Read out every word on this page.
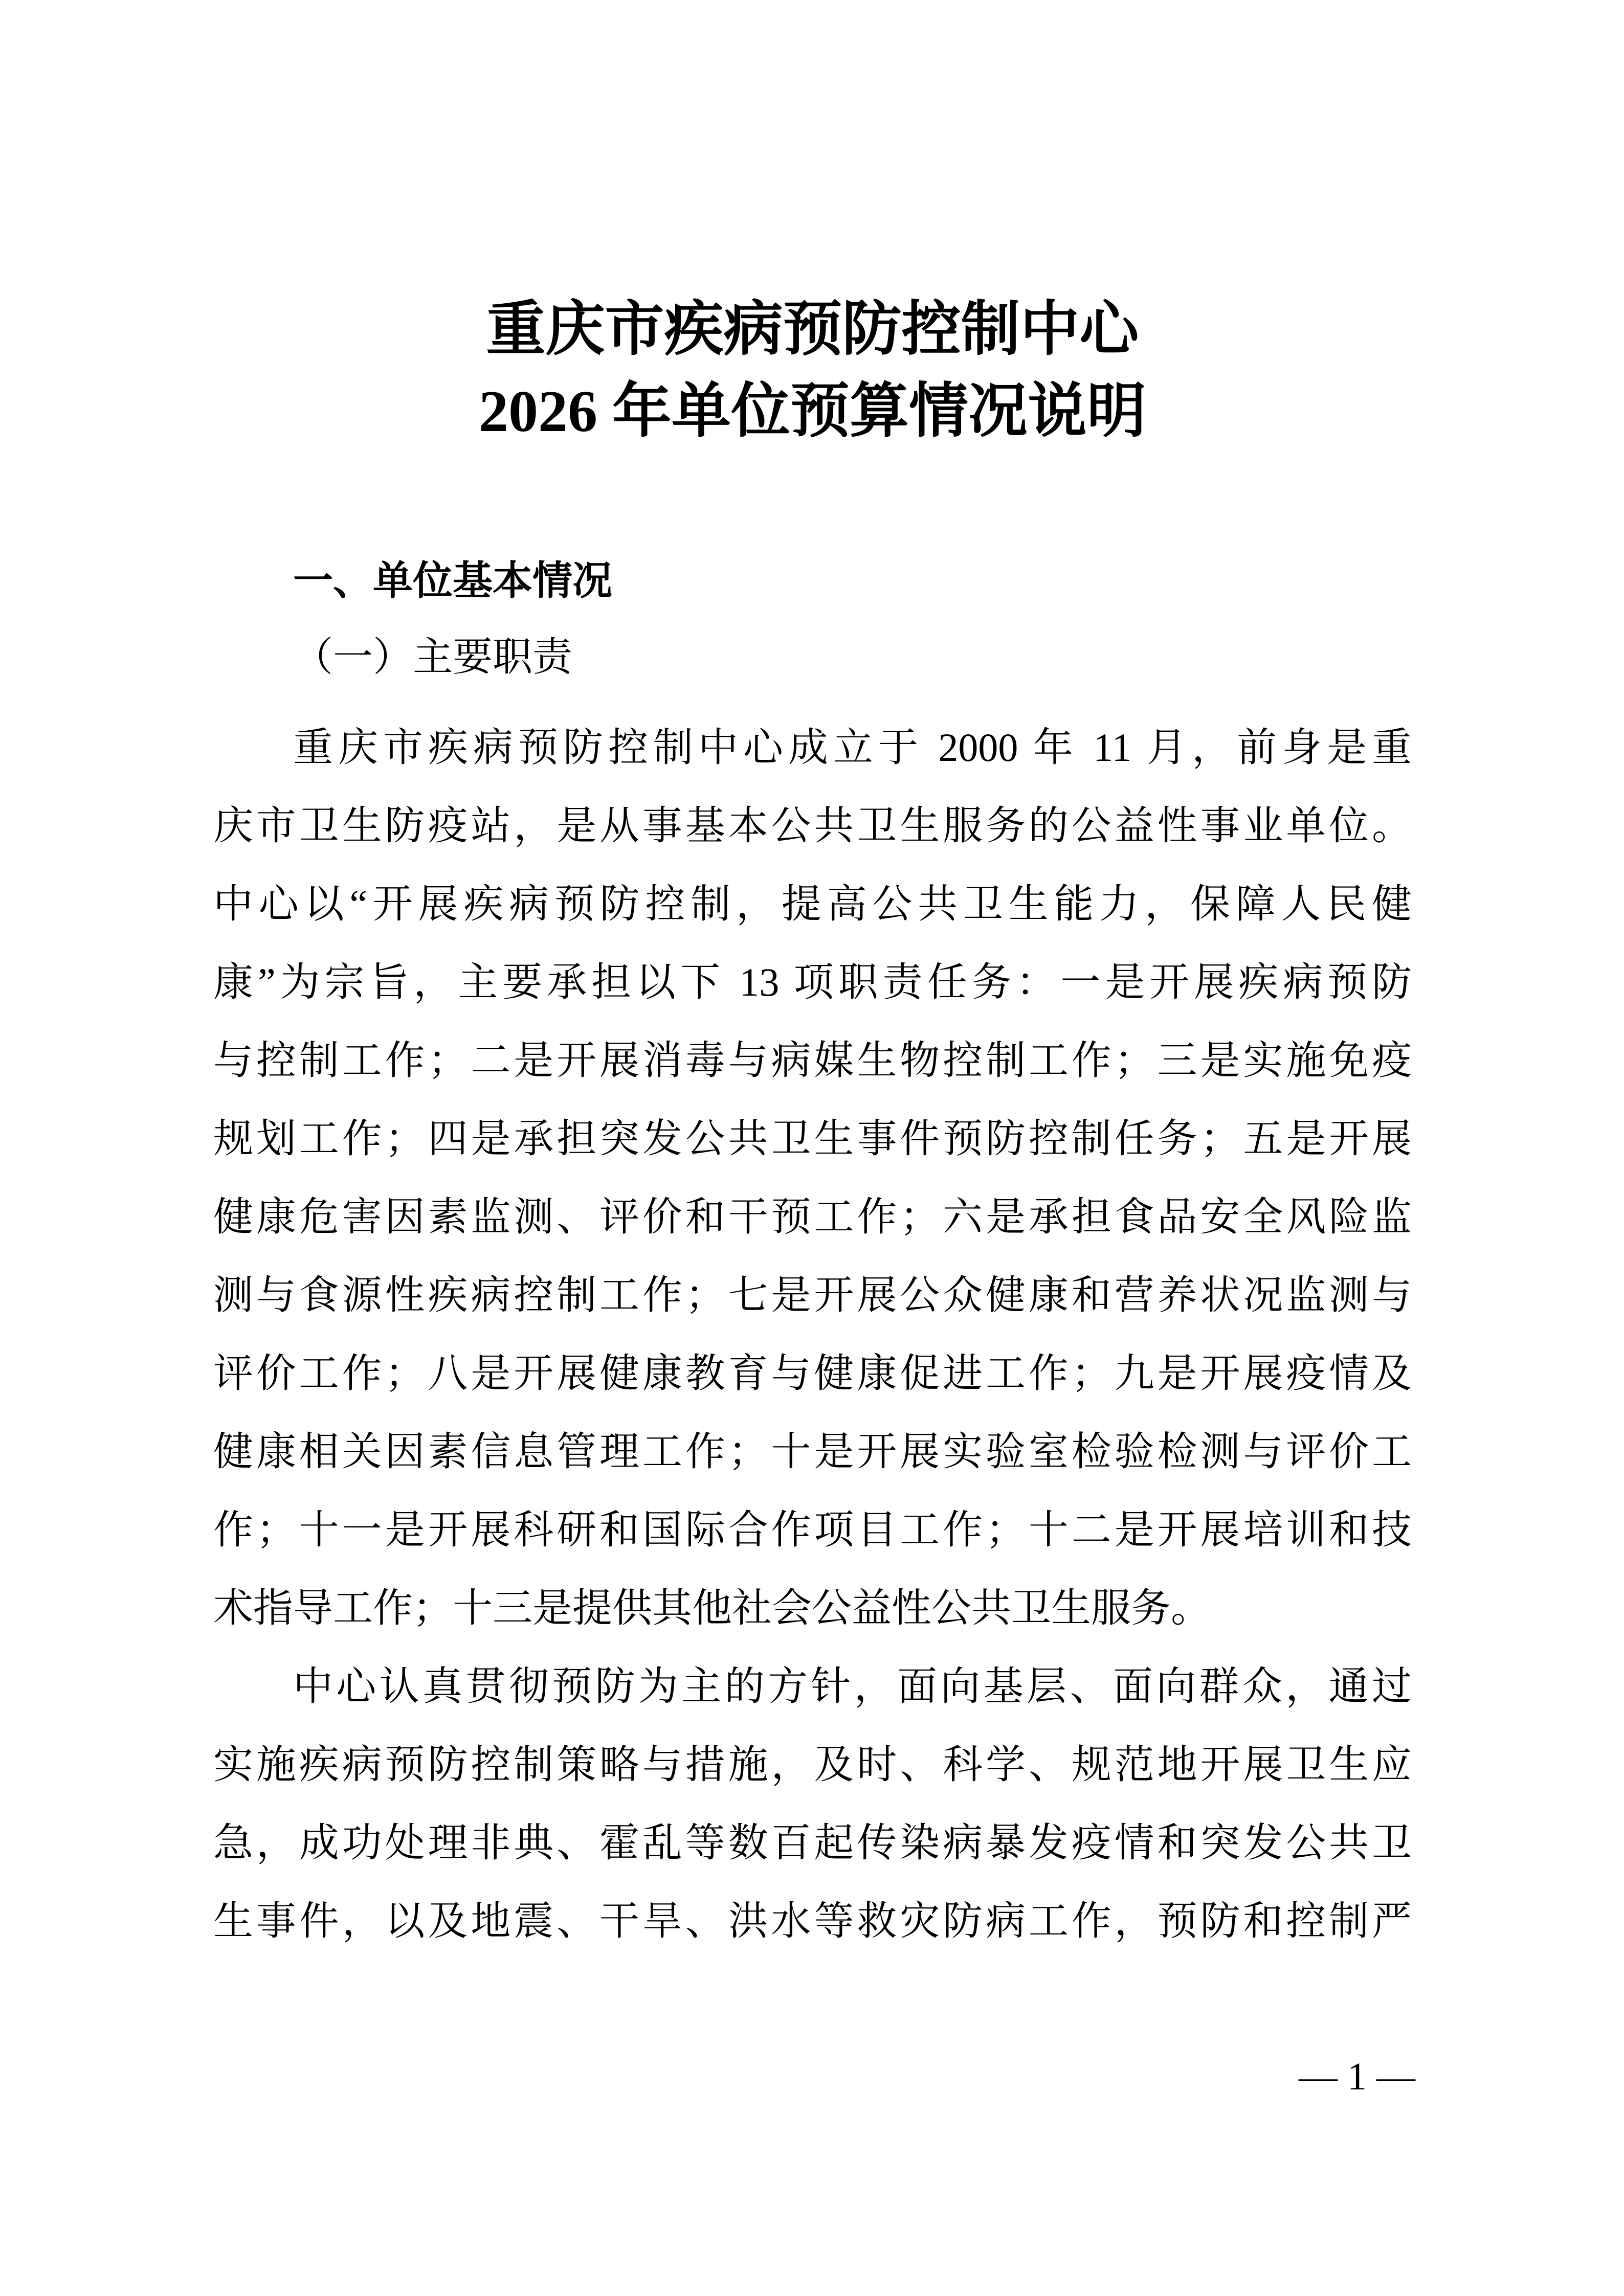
重庆市疾病预防控制中心
2026 年单位预算情况说明
一、单位基本情况
（一）主要职责
重庆市疾病预防控制中心成立于 2000 年 11 月，前身是重
庆市卫生防疫站，是从事基本公共卫生服务的公益性事业单位。
中心以“开展疾病预防控制，提高公共卫生能力，保障人民健
康”为宗旨，主要承担以下 13 项职责任务：一是开展疾病预防
与控制工作；二是开展消毒与病媒生物控制工作；三是实施免疫
规划工作；四是承担突发公共卫生事件预防控制任务；五是开展
健康危害因素监测、评价和干预工作；六是承担食品安全风险监
测与食源性疾病控制工作；七是开展公众健康和营养状况监测与
评价工作；八是开展健康教育与健康促进工作；九是开展疫情及
健康相关因素信息管理工作；十是开展实验室检验检测与评价工
作；十一是开展科研和国际合作项目工作；十二是开展培训和技
术指导工作；十三是提供其他社会公益性公共卫生服务。
中心认真贯彻预防为主的方针，面向基层、面向群众，通过
实施疾病预防控制策略与措施，及时、科学、规范地开展卫生应
急，成功处理非典、霍乱等数百起传染病暴发疫情和突发公共卫
生事件，以及地震、干旱、洪水等救灾防病工作，预防和控制严
— 1 —
